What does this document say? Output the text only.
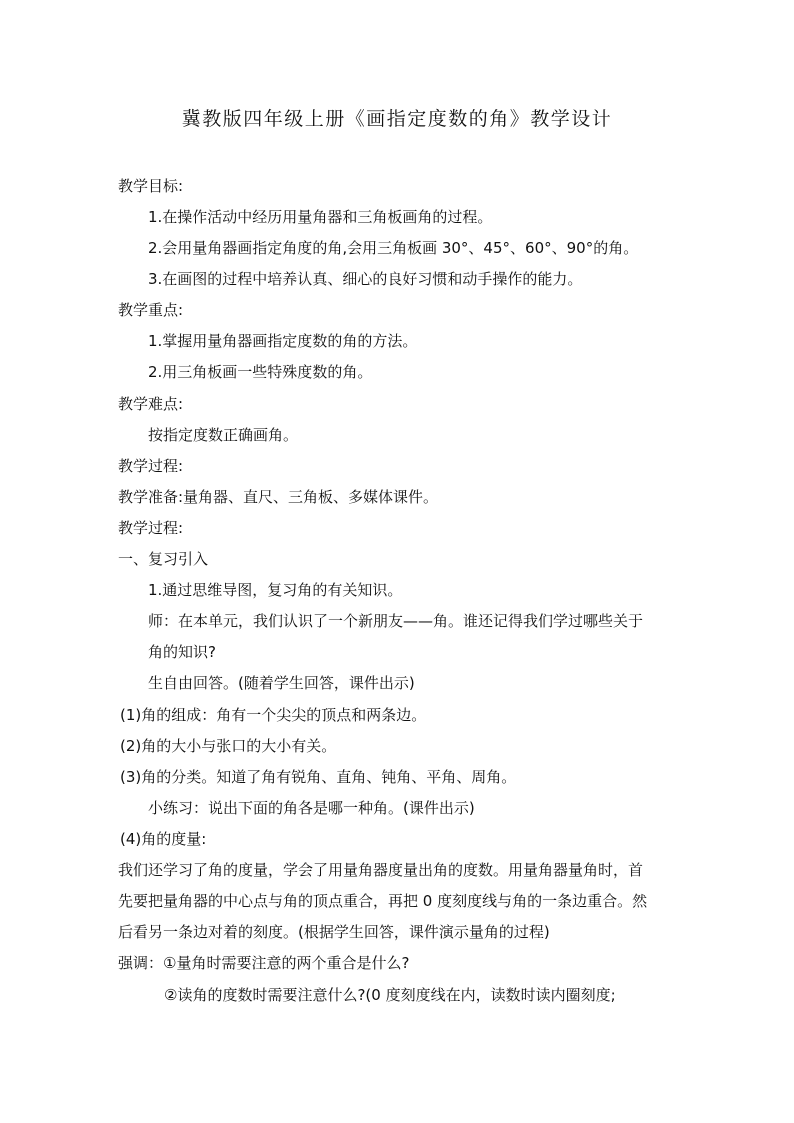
冀教版四年级上册《画指定度数的角》教学设计
教学目标:
1.在操作活动中经历用量角器和三角板画角的过程。
2.会用量角器画指定角度的角,会用三角板画 30°、45°、60°、90°的角。
3.在画图的过程中培养认真、细心的良好习惯和动手操作的能力。
教学重点:
1.掌握用量角器画指定度数的角的方法。
2.用三角板画一些特殊度数的角。
教学难点:
按指定度数正确画角。
教学过程:
教学准备:量角器、直尺、三角板、多媒体课件。
教学过程:
一、复习引入
1.通过思维导图，复习角的有关知识。
师：在本单元，我们认识了一个新朋友——角。谁还记得我们学过哪些关于
角的知识?
生自由回答。(随着学生回答，课件出示)
(1)角的组成：角有一个尖尖的顶点和两条边。
(2)角的大小与张口的大小有关。
(3)角的分类。知道了角有锐角、直角、钝角、平角、周角。
小练习：说出下面的角各是哪一种角。(课件出示)
(4)角的度量:
我们还学习了角的度量，学会了用量角器度量出角的度数。用量角器量角时，首
先要把量角器的中心点与角的顶点重合，再把 0 度刻度线与角的一条边重合。然
后看另一条边对着的刻度。(根据学生回答，课件演示量角的过程)
强调：①量角时需要注意的两个重合是什么?
②读角的度数时需要注意什么?(0 度刻度线在内，读数时读内圈刻度;
